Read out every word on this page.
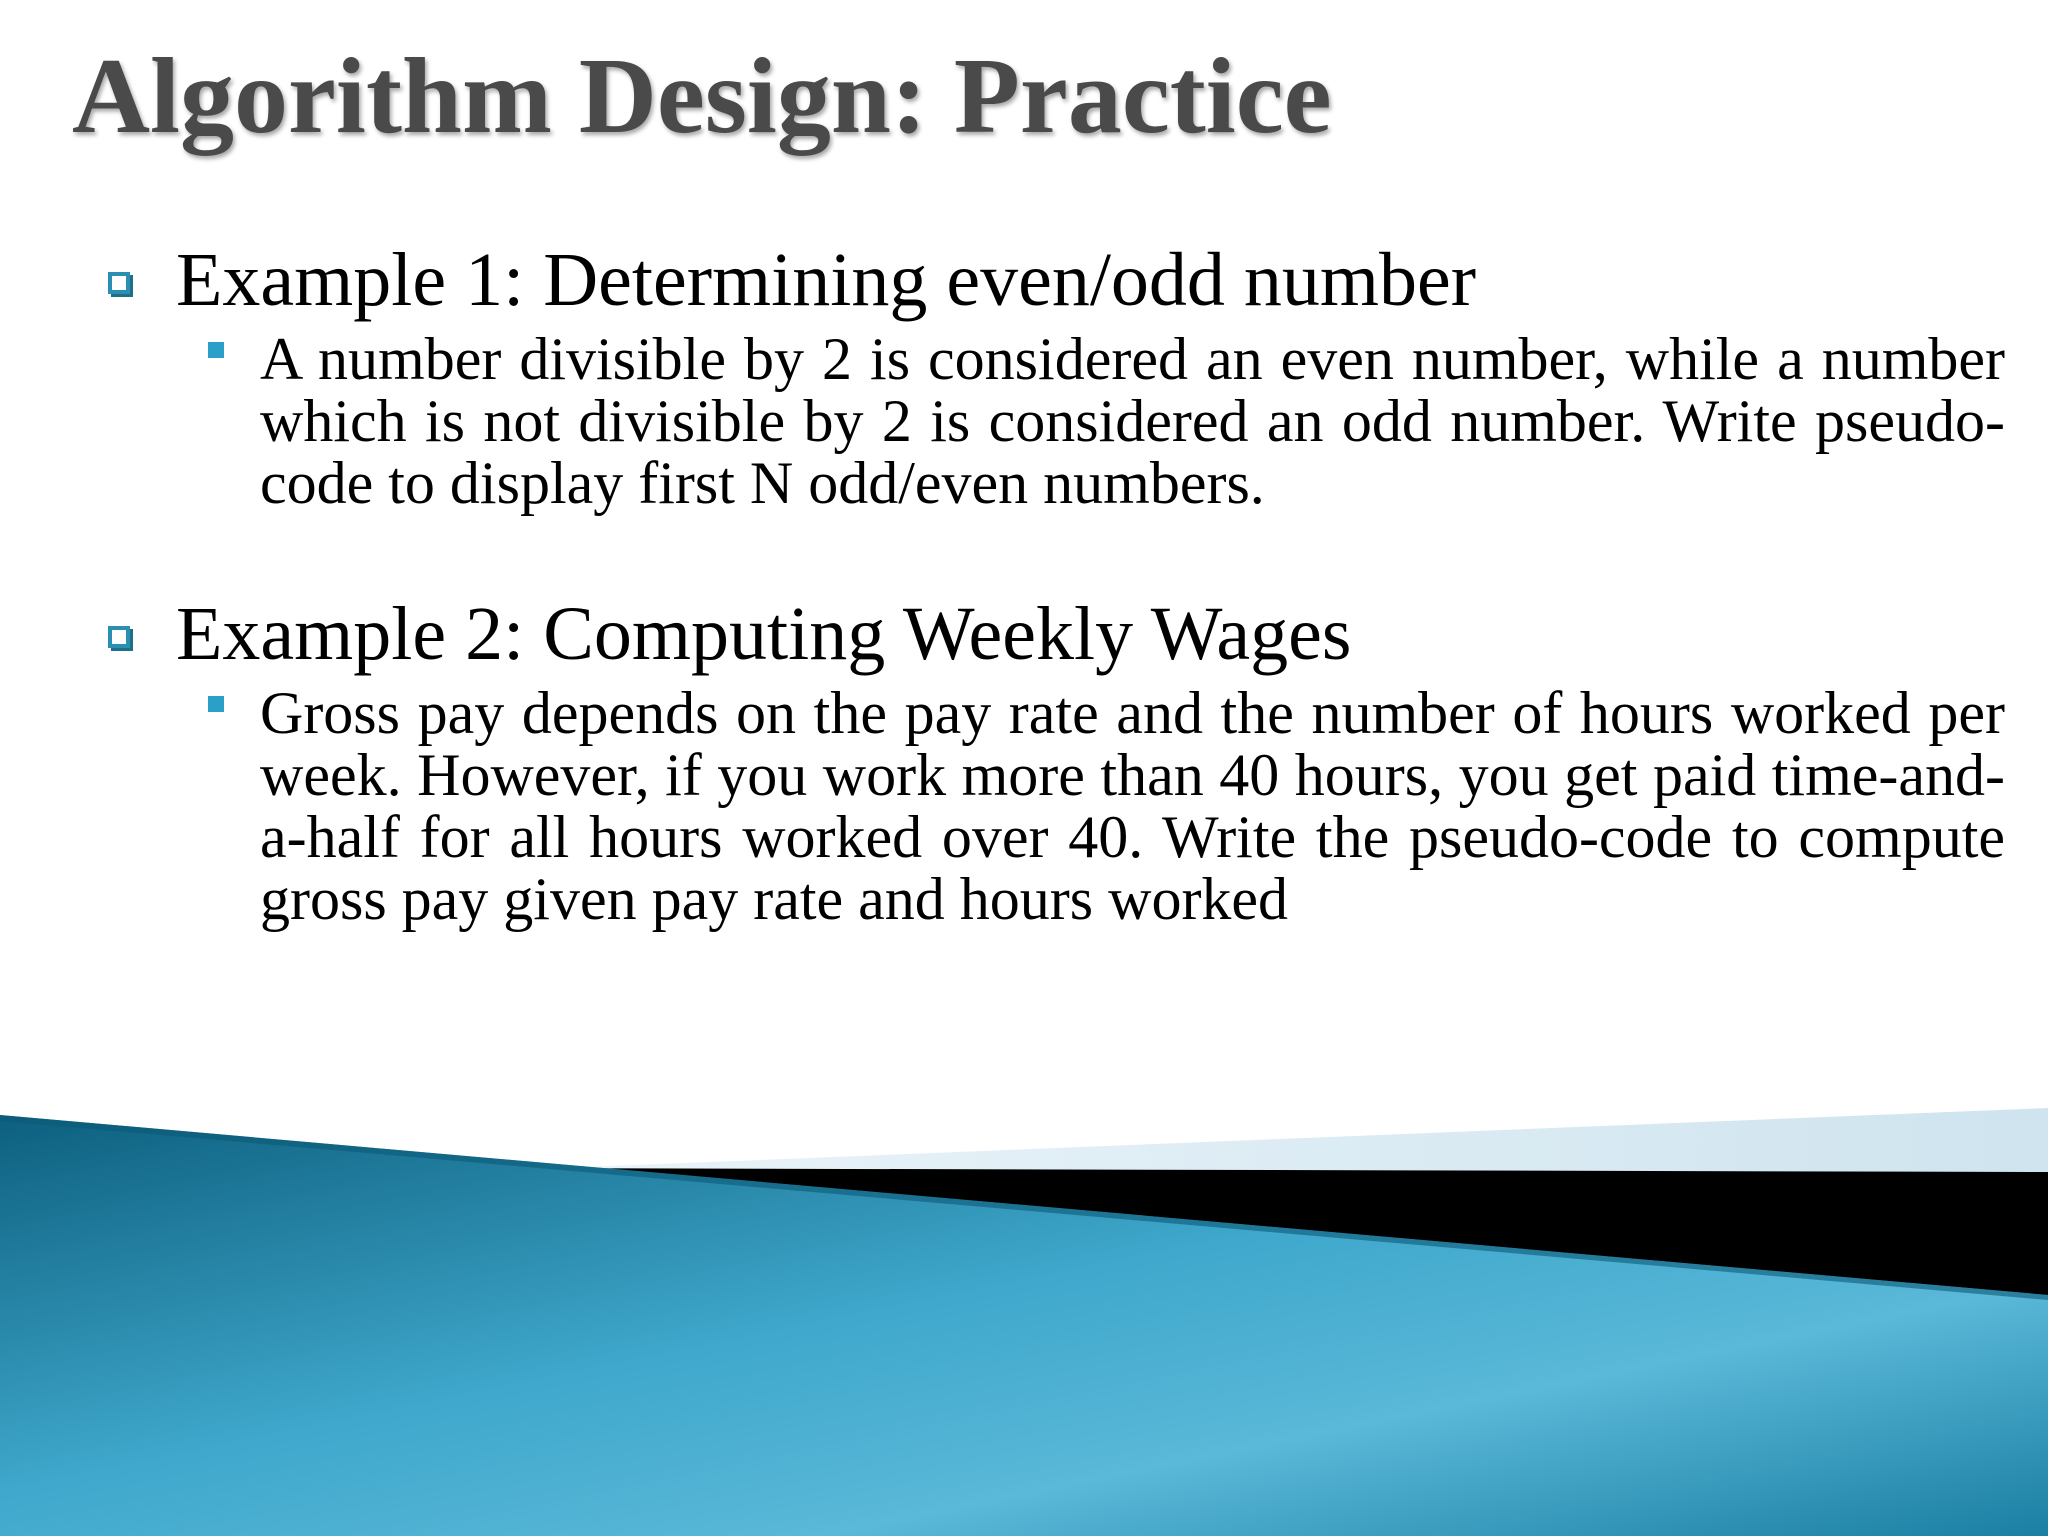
Algorithm Design: Practice
Example 1: Determining even/odd number
A number divisible by 2 is considered an even number, while a number which is not divisible by 2 is considered an odd number. Write pseudo-code to display first N odd/even numbers.
Example 2: Computing Weekly Wages
Gross pay depends on the pay rate and the number of hours worked per week. However, if you work more than 40 hours, you get paid time-and-a-half for all hours worked over 40. Write the pseudo-code to compute gross pay given pay rate and hours worked
